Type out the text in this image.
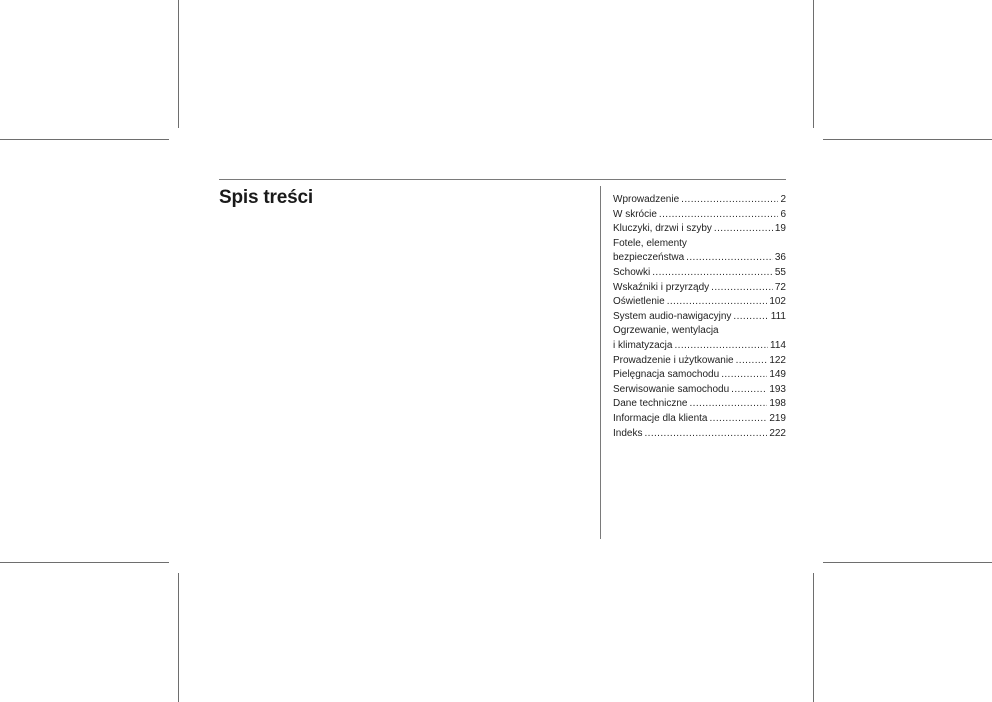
Spis treści	Wprowadzenie .....	2
W skrócie .....	6
Kluczyki, drzwi i szyby .....	19
Fotele, elementy
bezpieczeństwa .....	36
Schowki .....	55
Wskaźniki i przyrządy .....	72
Oświetlenie .....	102
System audio-nawigacyjny .....	111
Ogrzewanie, wentylacja
i klimatyzacja .....	114
Prowadzenie i użytkowanie .....	122
Pielęgnacja samochodu .....	149
Serwisowanie samochodu .....	193
Dane techniczne .....	198
Informacje dla klienta .....	219
Indeks .....	222
